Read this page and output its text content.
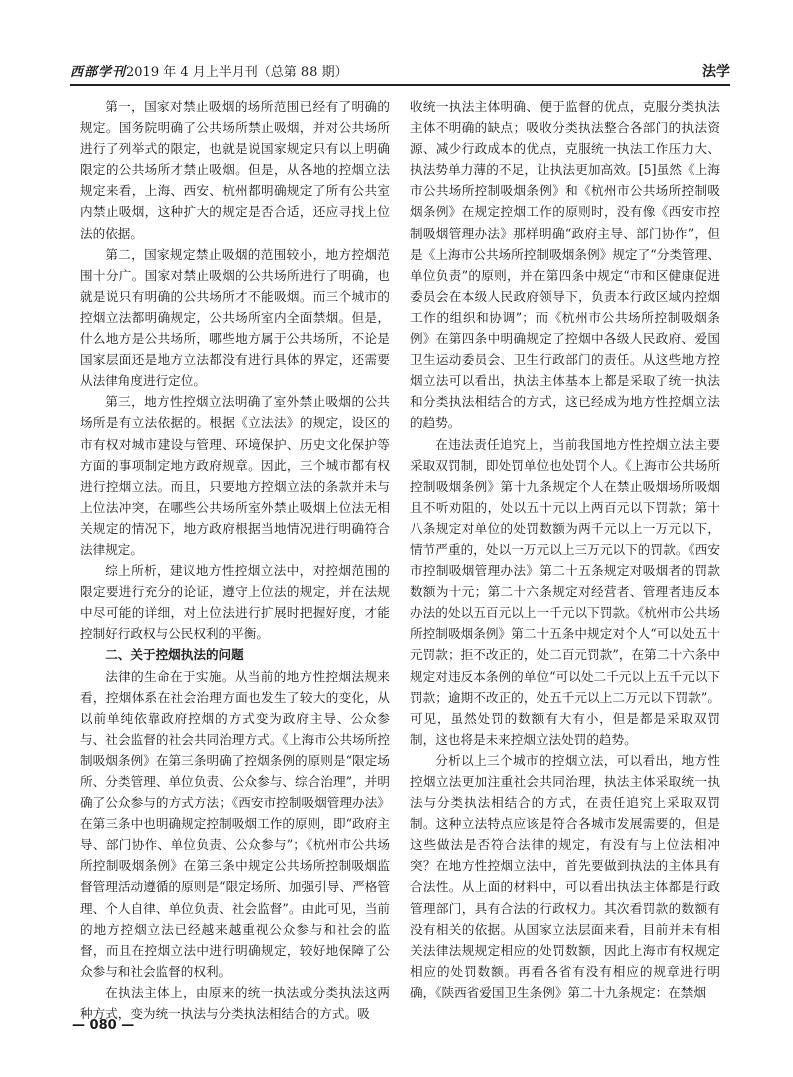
西部学刊2019 年 4 月上半月刊（总第 88 期）	法学

第一，国家对禁止吸烟的场所范围已经有了明确的规定。国务院明确了公共场所禁止吸烟，并对公共场所进行了列举式的限定，也就是说国家规定只有以上明确限定的公共场所才禁止吸烟。但是，从各地的控烟立法规定来看，上海、西安、杭州都明确规定了所有公共室内禁止吸烟，这种扩大的规定是否合适，还应寻找上位法的依据。

第二，国家规定禁止吸烟的范围较小，地方控烟范围十分广。国家对禁止吸烟的公共场所进行了明确，也就是说只有明确的公共场所才不能吸烟。而三个城市的控烟立法都明确规定，公共场所室内全面禁烟。但是，什么地方是公共场所，哪些地方属于公共场所，不论是国家层面还是地方立法都没有进行具体的界定，还需要从法律角度进行定位。

第三，地方性控烟立法明确了室外禁止吸烟的公共场所是有立法依据的。根据《立法法》的规定，设区的市有权对城市建设与管理、环境保护、历史文化保护等方面的事项制定地方政府规章。因此，三个城市都有权进行控烟立法。而且，只要地方控烟立法的条款并未与上位法冲突，在哪些公共场所室外禁止吸烟上位法无相关规定的情况下，地方政府根据当地情况进行明确符合法律规定。

综上所析，建议地方性控烟立法中，对控烟范围的限定要进行充分的论证，遵守上位法的规定，并在法规中尽可能的详细，对上位法进行扩展时把握好度，才能控制好行政权与公民权利的平衡。

二、关于控烟执法的问题

法律的生命在于实施。从当前的地方性控烟法规来看，控烟体系在社会治理方面也发生了较大的变化，从以前单纯依靠政府控烟的方式变为政府主导、公众参与、社会监督的社会共同治理方式。《上海市公共场所控制吸烟条例》在第三条明确了控烟条例的原则是“限定场所、分类管理、单位负责、公众参与、综合治理”，并明确了公众参与的方式方法；《西安市控制吸烟管理办法》在第三条中也明确规定控制吸烟工作的原则，即“政府主导、部门协作、单位负责、公众参与”；《杭州市公共场所控制吸烟条例》在第三条中规定公共场所控制吸烟监督管理活动遵循的原则是“限定场所、加强引导、严格管理、个人自律、单位负责、社会监督”。由此可见，当前的地方控烟立法已经越来越重视公众参与和社会的监督，而且在控烟立法中进行明确规定，较好地保障了公众参与和社会监督的权利。

在执法主体上，由原来的统一执法或分类执法这两种方式，变为统一执法与分类执法相结合的方式。吸

收统一执法主体明确、便于监督的优点，克服分类执法主体不明确的缺点；吸收分类执法整合各部门的执法资源、减少行政成本的优点，克服统一执法工作压力大、执法势单力薄的不足，让执法更加高效。[5]虽然《上海市公共场所控制吸烟条例》和《杭州市公共场所控制吸烟条例》在规定控烟工作的原则时，没有像《西安市控制吸烟管理办法》那样明确“政府主导、部门协作”，但是《上海市公共场所控制吸烟条例》规定了“分类管理、单位负责”的原则，并在第四条中规定“市和区健康促进委员会在本级人民政府领导下，负责本行政区域内控烟工作的组织和协调”；而《杭州市公共场所控制吸烟条例》在第四条中明确规定了控烟中各级人民政府、爱国卫生运动委员会、卫生行政部门的责任。从这些地方控烟立法可以看出，执法主体基本上都是采取了统一执法和分类执法相结合的方式，这已经成为地方性控烟立法的趋势。

在违法责任追究上，当前我国地方性控烟立法主要采取双罚制，即处罚单位也处罚个人。《上海市公共场所控制吸烟条例》第十九条规定个人在禁止吸烟场所吸烟且不听劝阻的，处以五十元以上两百元以下罚款；第十八条规定对单位的处罚数额为两千元以上一万元以下，情节严重的，处以一万元以上三万元以下的罚款。《西安市控制吸烟管理办法》第二十五条规定对吸烟者的罚款数额为十元；第二十六条规定对经营者、管理者违反本办法的处以五百元以上一千元以下罚款。《杭州市公共场所控制吸烟条例》第二十五条中规定对个人“可以处五十元罚款；拒不改正的，处二百元罚款”，在第二十六条中规定对违反本条例的单位“可以处二千元以上五千元以下罚款；逾期不改正的，处五千元以上二万元以下罚款”。可见，虽然处罚的数额有大有小，但是都是采取双罚制，这也将是未来控烟立法处罚的趋势。

分析以上三个城市的控烟立法，可以看出，地方性控烟立法更加注重社会共同治理，执法主体采取统一执法与分类执法相结合的方式，在责任追究上采取双罚制。这种立法特点应该是符合各城市发展需要的，但是这些做法是否符合法律的规定，有没有与上位法相冲突？在地方性控烟立法中，首先要做到执法的主体具有合法性。从上面的材料中，可以看出执法主体都是行政管理部门，具有合法的行政权力。其次看罚款的数额有没有相关的依据。从国家立法层面来看，目前并未有相关法律法规规定相应的处罚数额，因此上海市有权规定相应的处罚数额。再看各省有没有相应的规章进行明确，《陕西省爱国卫生条例》第二十九条规定：在禁烟

— 080 —
